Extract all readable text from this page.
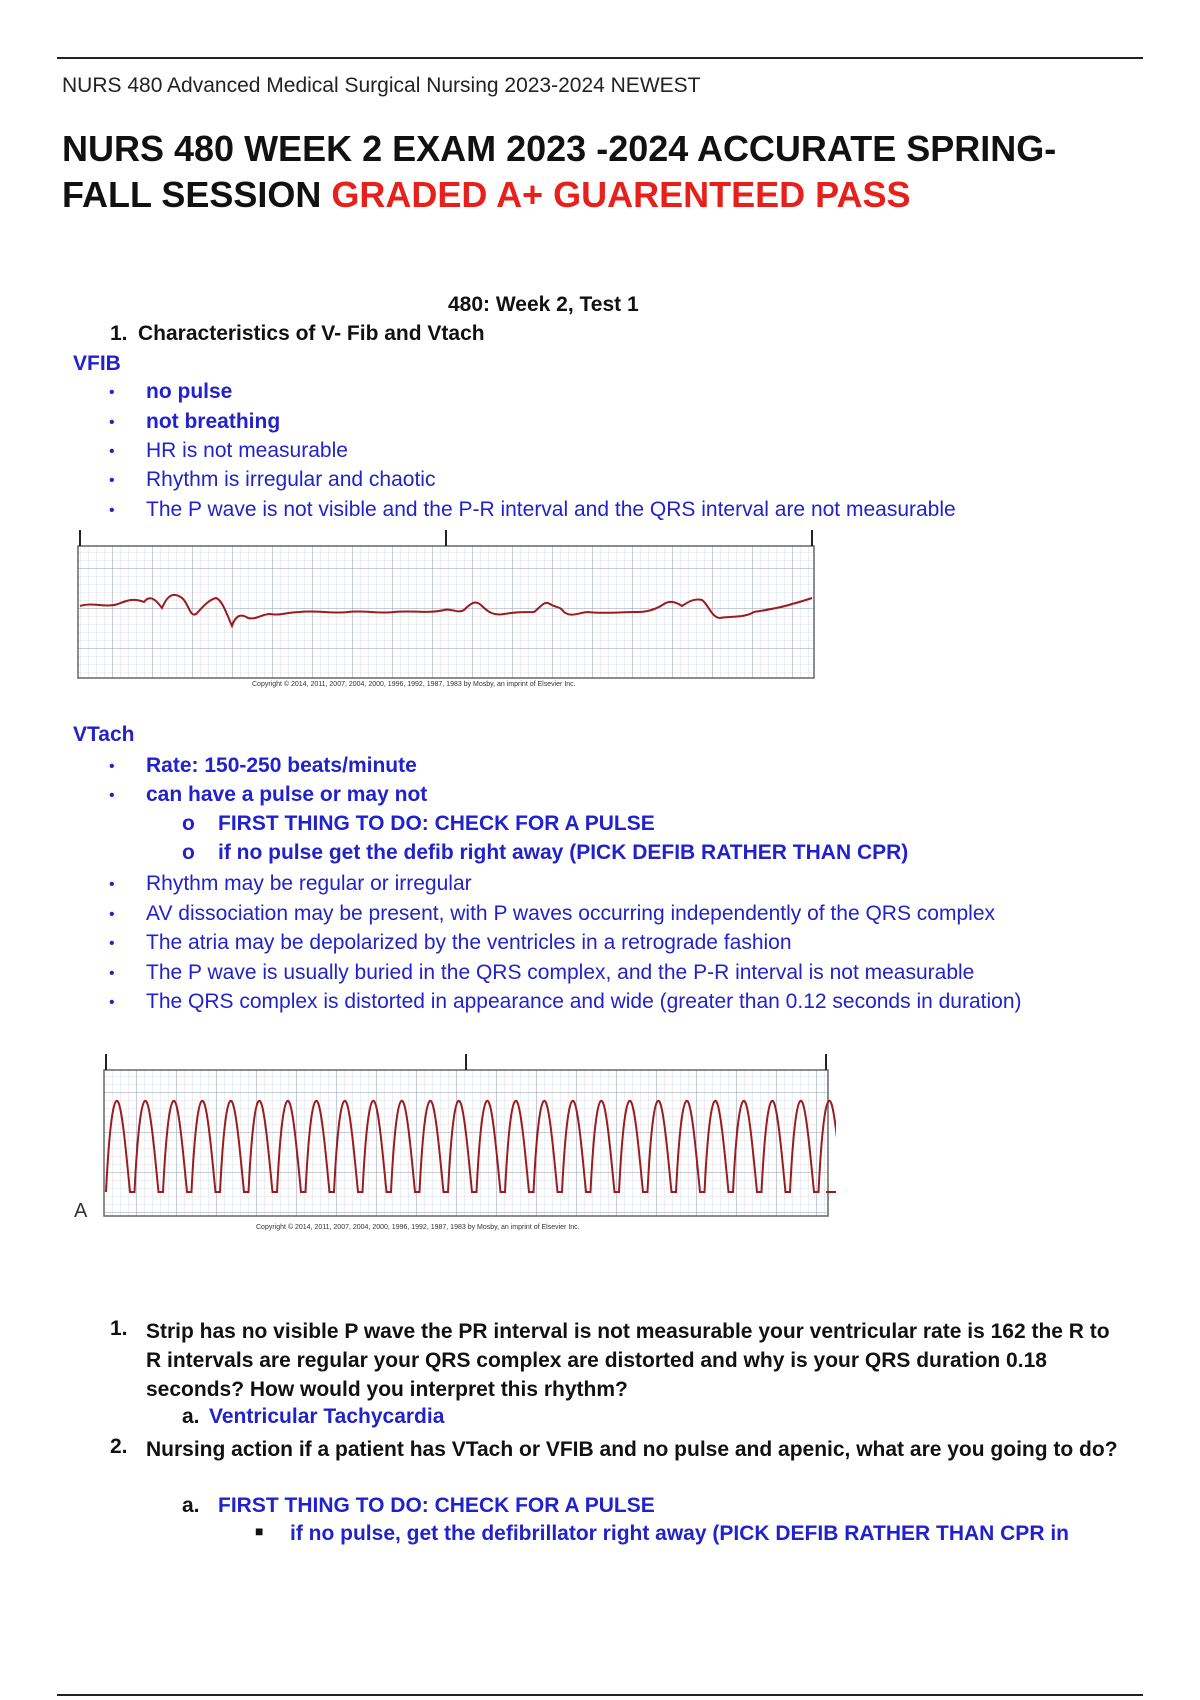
NURS 480 Advanced Medical Surgical Nursing 2023-2024 NEWEST
NURS 480 WEEK 2 EXAM 2023 -2024 ACCURATE SPRING-FALL SESSION GRADED A+ GUARENTEED PASS
480: Week 2, Test 1
1. Characteristics of V- Fib and Vtach
VFIB
• no pulse
• not breathing
• HR is not measurable
• Rhythm is irregular and chaotic
• The P wave is not visible and the P-R interval and the QRS interval are not measurable
Copyright © 2014, 2011, 2007, 2004, 2000, 1996, 1992, 1987, 1983 by Mosby, an imprint of Elsevier Inc.
VTach
• Rate: 150-250 beats/minute
• can have a pulse or may not
o FIRST THING TO DO: CHECK FOR A PULSE
o if no pulse get the defib right away (PICK DEFIB RATHER THAN CPR)
• Rhythm may be regular or irregular
• AV dissociation may be present, with P waves occurring independently of the QRS complex
• The atria may be depolarized by the ventricles in a retrograde fashion
• The P wave is usually buried in the QRS complex, and the P-R interval is not measurable
• The QRS complex is distorted in appearance and wide (greater than 0.12 seconds in duration)
A
Copyright © 2014, 2011, 2007, 2004, 2000, 1996, 1992, 1987, 1983 by Mosby, an imprint of Elsevier Inc.
1. Strip has no visible P wave the PR interval is not measurable your ventricular rate is 162 the R to R intervals are regular your QRS complex are distorted and why is your QRS duration 0.18 seconds? How would you interpret this rhythm?
a. Ventricular Tachycardia
2. Nursing action if a patient has VTach or VFIB and no pulse and apenic, what are you going to do?
a. FIRST THING TO DO: CHECK FOR A PULSE
■ if no pulse, get the defibrillator right away (PICK DEFIB RATHER THAN CPR in
